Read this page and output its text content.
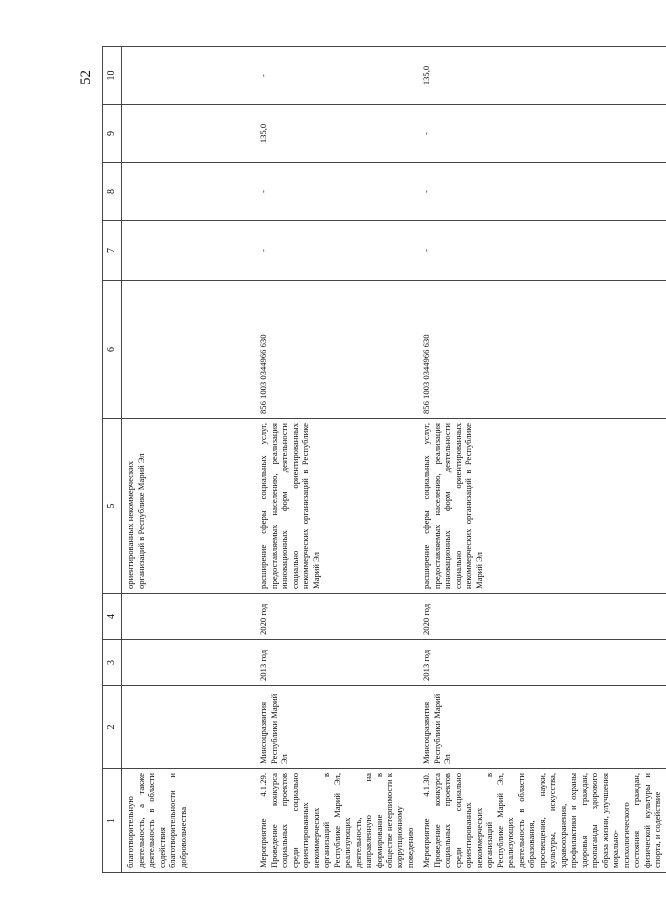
52
1	2	3	4	5	6	7	8	9	10
благотворительную деятельность, а также деятельность в области содействия благотворительности и добровольчества				ориентированных некоммерческих организаций в Республике Марий Эл					
Мероприятие 4.1.29. Проведение конкурса социальных проектов среди социально ориентированных некоммерческих организаций в Республике Марий Эл, реализующих деятельность, направленную на формирование в обществе нетерпимости к коррупционному поведению	Минсоцразвития Республики Марий Эл	2013 год	2020 год	расширение сферы социальных услуг, предоставляемых населению, реализация инновационных форм деятельности социально ориентированных некоммерческих организаций в Республике Марий Эл	856 1003 0344966 630	-	-	135,0	-
Мероприятие 4.1.30. Проведение конкурса социальных проектов среди социально ориентированных некоммерческих организаций в Республике Марий Эл, реализующих деятельность в области образования, просвещения, науки, культуры, искусства, здравоохранения, профилактики и охраны здоровья граждан, пропаганды здорового образа жизни, улучшения морально-психологического состояния граждан, физической культуры и спорта, и содействие	Минсоцразвития Республики Марий Эл	2013 год	2020 год	расширение сферы социальных услуг, предоставляемых населению, реализация инновационных форм деятельности социально ориентированных некоммерческих организаций в Республике Марий Эл	856 1003 0344966 630	-	-	-	135,0
